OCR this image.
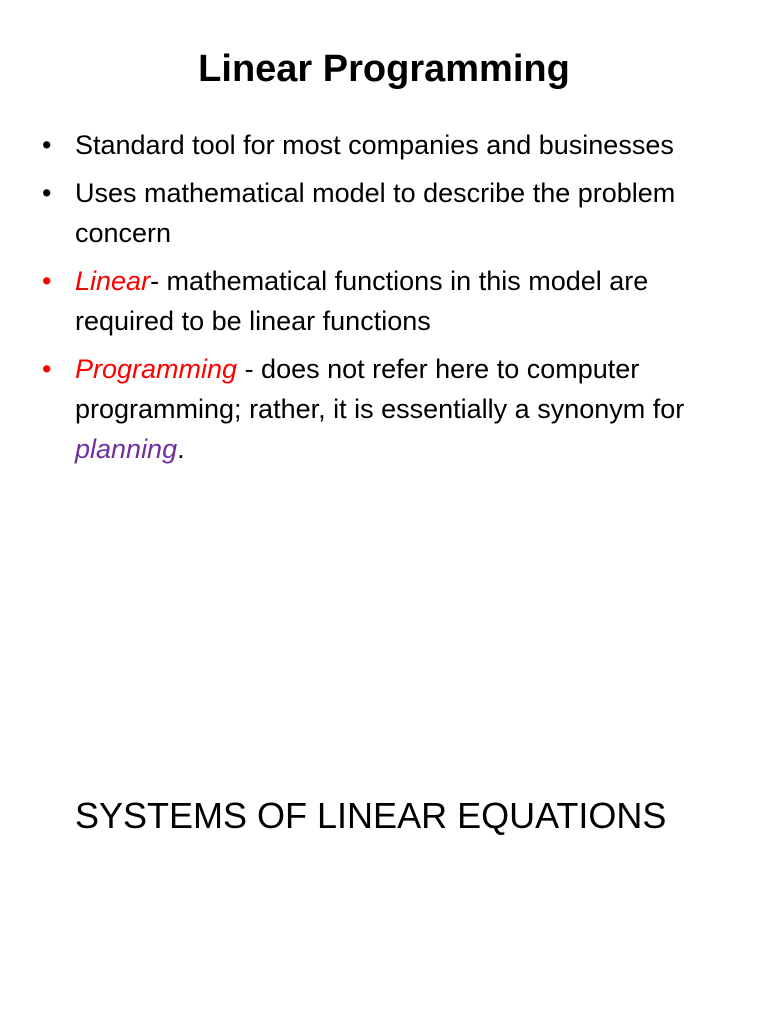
Linear Programming
• Standard tool for most companies and businesses
• Uses mathematical model to describe the problem concern
• Linear- mathematical functions in this model are required to be linear functions
• Programming - does not refer here to computer programming; rather, it is essentially a synonym for planning.
SYSTEMS OF LINEAR EQUATIONS
